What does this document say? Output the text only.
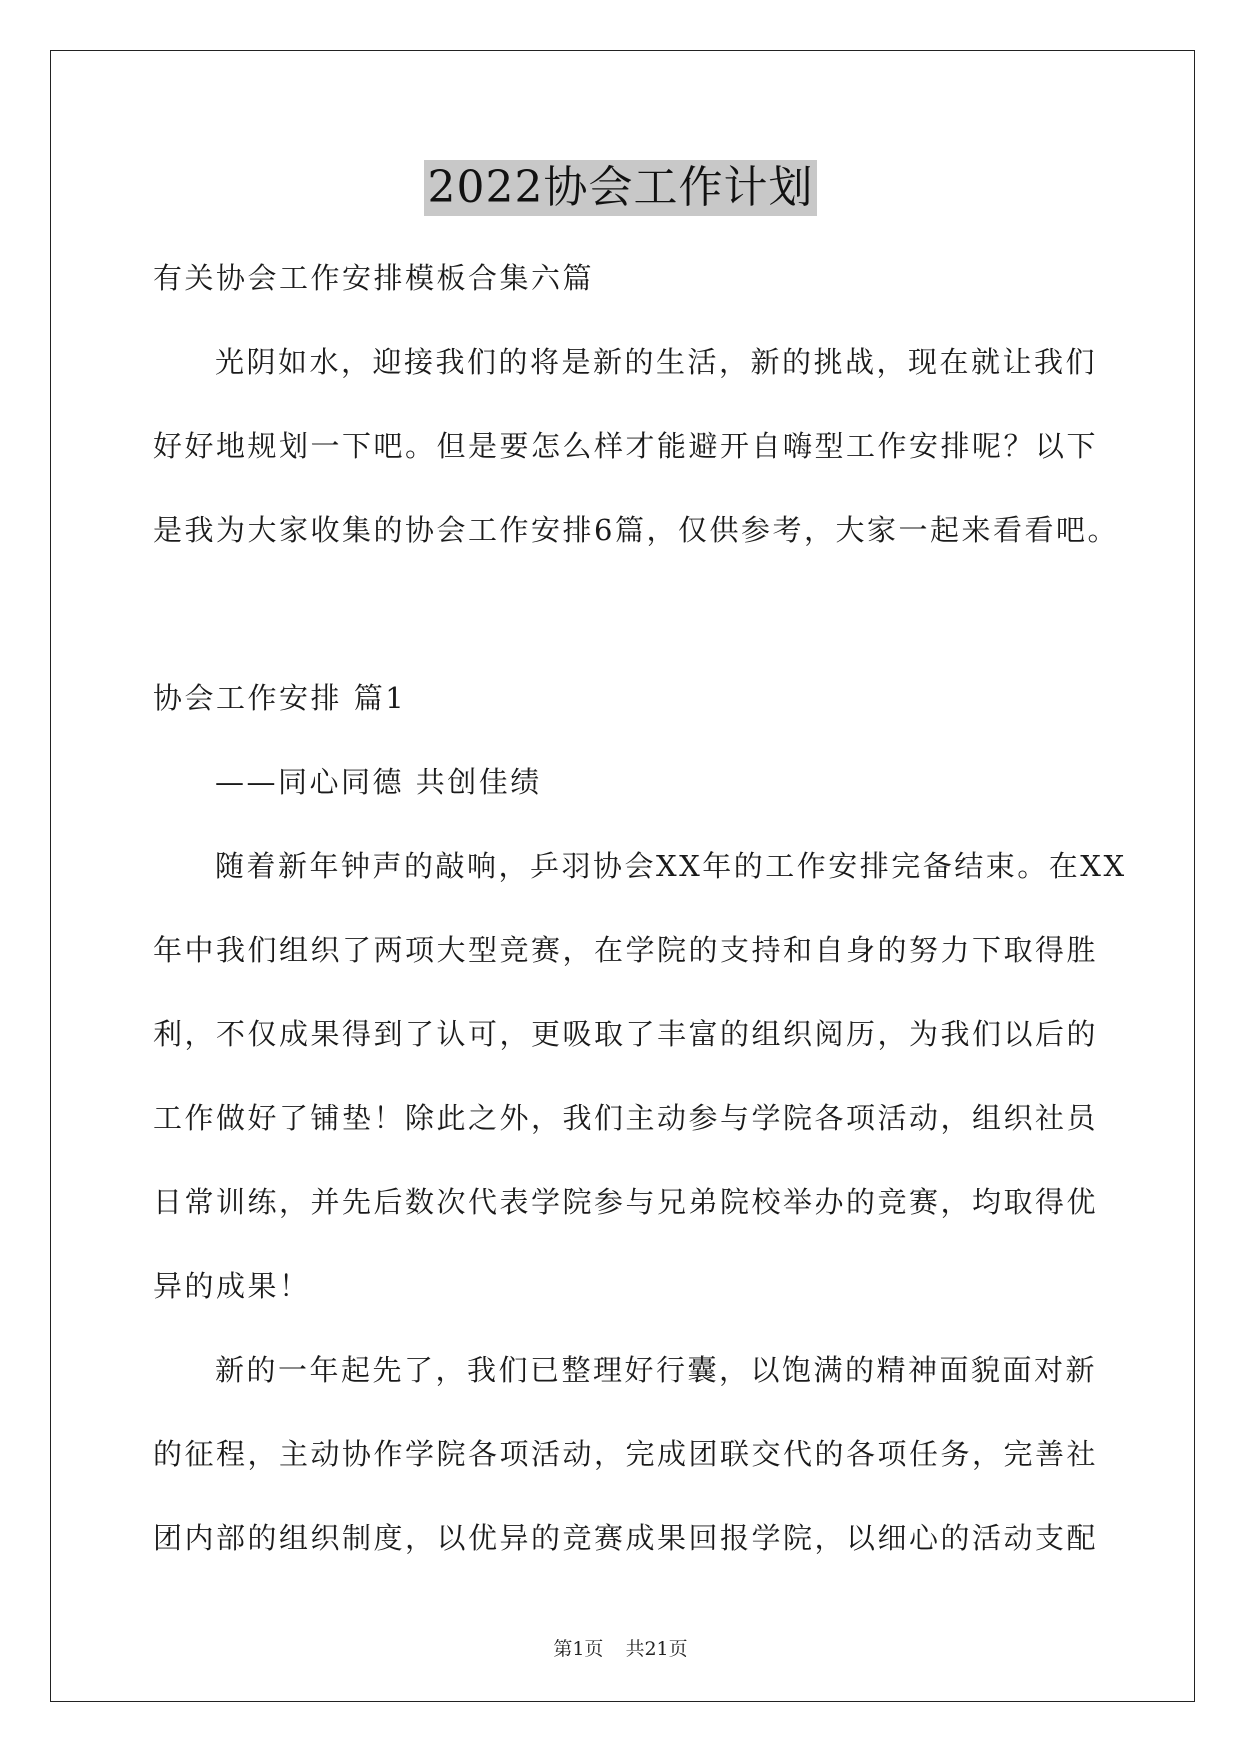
2022协会工作计划
有关协会工作安排模板合集六篇
光阴如水，迎接我们的将是新的生活，新的挑战，现在就让我们
好好地规划一下吧。但是要怎么样才能避开自嗨型工作安排呢？以下
是我为大家收集的协会工作安排6篇，仅供参考，大家一起来看看吧。
协会工作安排 篇1
——同心同德 共创佳绩
随着新年钟声的敲响，乒羽协会XX年的工作安排完备结束。在XX
年中我们组织了两项大型竞赛，在学院的支持和自身的努力下取得胜
利，不仅成果得到了认可，更吸取了丰富的组织阅历，为我们以后的
工作做好了铺垫！除此之外，我们主动参与学院各项活动，组织社员
日常训练，并先后数次代表学院参与兄弟院校举办的竞赛，均取得优
异的成果！
新的一年起先了，我们已整理好行囊，以饱满的精神面貌面对新
的征程，主动协作学院各项活动，完成团联交代的各项任务，完善社
团内部的组织制度，以优异的竞赛成果回报学院，以细心的活动支配
第1页 共21页
